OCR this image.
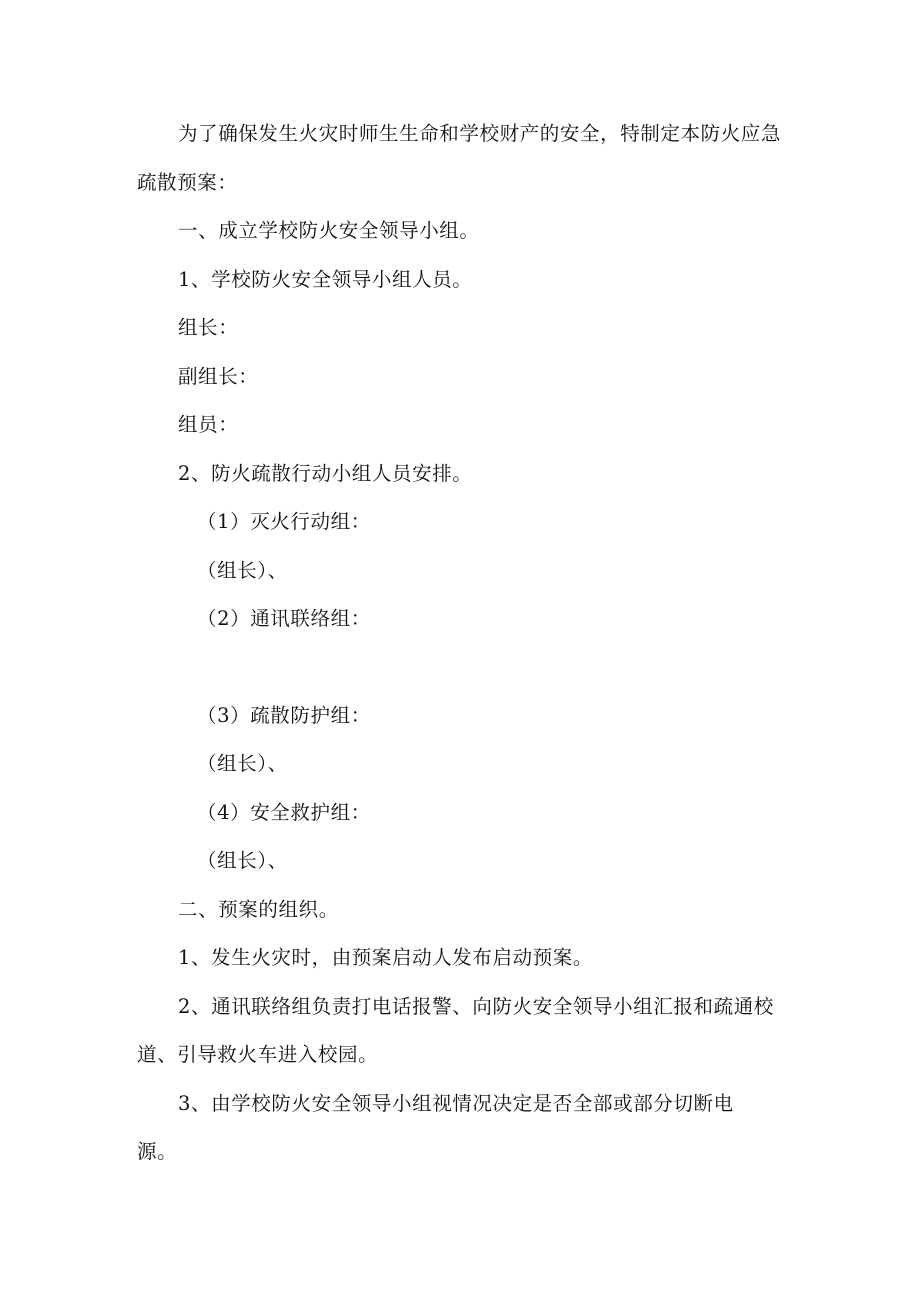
为了确保发生火灾时师生生命和学校财产的安全，特制定本防火应急

疏散预案：

一、成立学校防火安全领导小组。

1、学校防火安全领导小组人员。

组长：

副组长：

组员：

2、防火疏散行动小组人员安排。

（1）灭火行动组：

（组长）、

（2）通讯联络组：

（3）疏散防护组：

（组长）、

（4）安全救护组：

（组长）、

二、预案的组织。

1、发生火灾时，由预案启动人发布启动预案。

2、通讯联络组负责打电话报警、向防火安全领导小组汇报和疏通校

道、引导救火车进入校园。

3、由学校防火安全领导小组视情况决定是否全部或部分切断电

源。
